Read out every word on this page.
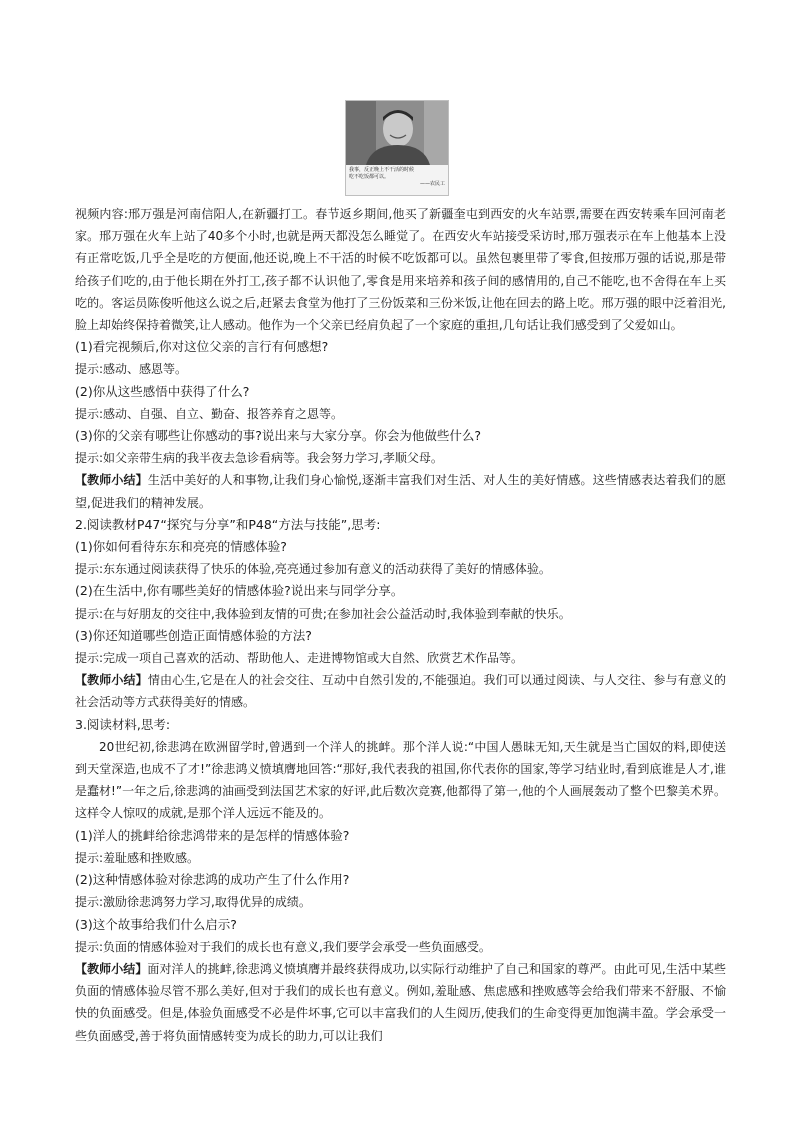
我事，反正晚上不干活的时候
吃不吃饭都可以。
——农民工

视频内容:邢万强是河南信阳人,在新疆打工。春节返乡期间,他买了新疆奎屯到西安的火车站票,需要在西安转乘车回河南老家。邢万强在火车上站了40多个小时,也就是两天都没怎么睡觉了。在西安火车站接受采访时,邢万强表示在车上他基本上没有正常吃饭,几乎全是吃的方便面,他还说,晚上不干活的时候不吃饭都可以。虽然包裹里带了零食,但按邢万强的话说,那是带给孩子们吃的,由于他长期在外打工,孩子都不认识他了,零食是用来培养和孩子间的感情用的,自己不能吃,也不舍得在车上买吃的。客运员陈俊听他这么说之后,赶紧去食堂为他打了三份饭菜和三份米饭,让他在回去的路上吃。邢万强的眼中泛着泪光,脸上却始终保持着微笑,让人感动。他作为一个父亲已经肩负起了一个家庭的重担,几句话让我们感受到了父爱如山。

(1)看完视频后,你对这位父亲的言行有何感想?

提示:感动、感恩等。

(2)你从这些感悟中获得了什么?

提示:感动、自强、自立、勤奋、报答养育之恩等。

(3)你的父亲有哪些让你感动的事?说出来与大家分享。你会为他做些什么?

提示:如父亲带生病的我半夜去急诊看病等。我会努力学习,孝顺父母。

【教师小结】生活中美好的人和事物,让我们身心愉悦,逐渐丰富我们对生活、对人生的美好情感。这些情感表达着我们的愿望,促进我们的精神发展。

2.阅读教材P47“探究与分享”和P48“方法与技能”,思考:

(1)你如何看待东东和亮亮的情感体验?

提示:东东通过阅读获得了快乐的体验,亮亮通过参加有意义的活动获得了美好的情感体验。

(2)在生活中,你有哪些美好的情感体验?说出来与同学分享。

提示:在与好朋友的交往中,我体验到友情的可贵;在参加社会公益活动时,我体验到奉献的快乐。

(3)你还知道哪些创造正面情感体验的方法?

提示:完成一项自己喜欢的活动、帮助他人、走进博物馆或大自然、欣赏艺术作品等。

【教师小结】情由心生,它是在人的社会交往、互动中自然引发的,不能强迫。我们可以通过阅读、与人交往、参与有意义的社会活动等方式获得美好的情感。

3.阅读材料,思考:

20世纪初,徐悲鸿在欧洲留学时,曾遇到一个洋人的挑衅。那个洋人说:“中国人愚昧无知,天生就是当亡国奴的料,即使送到天堂深造,也成不了才!”徐悲鸿义愤填膺地回答:“那好,我代表我的祖国,你代表你的国家,等学习结业时,看到底谁是人才,谁是蠢材!”一年之后,徐悲鸿的油画受到法国艺术家的好评,此后数次竞赛,他都得了第一,他的个人画展轰动了整个巴黎美术界。这样令人惊叹的成就,是那个洋人远远不能及的。

(1)洋人的挑衅给徐悲鸿带来的是怎样的情感体验?

提示:羞耻感和挫败感。

(2)这种情感体验对徐悲鸿的成功产生了什么作用?

提示:激励徐悲鸿努力学习,取得优异的成绩。

(3)这个故事给我们什么启示?

提示:负面的情感体验对于我们的成长也有意义,我们要学会承受一些负面感受。

【教师小结】面对洋人的挑衅,徐悲鸿义愤填膺并最终获得成功,以实际行动维护了自己和国家的尊严。由此可见,生活中某些负面的情感体验尽管不那么美好,但对于我们的成长也有意义。例如,羞耻感、焦虑感和挫败感等会给我们带来不舒服、不愉快的负面感受。但是,体验负面感受不必是件坏事,它可以丰富我们的人生阅历,使我们的生命变得更加饱满丰盈。学会承受一些负面感受,善于将负面情感转变为成长的助力,可以让我们
